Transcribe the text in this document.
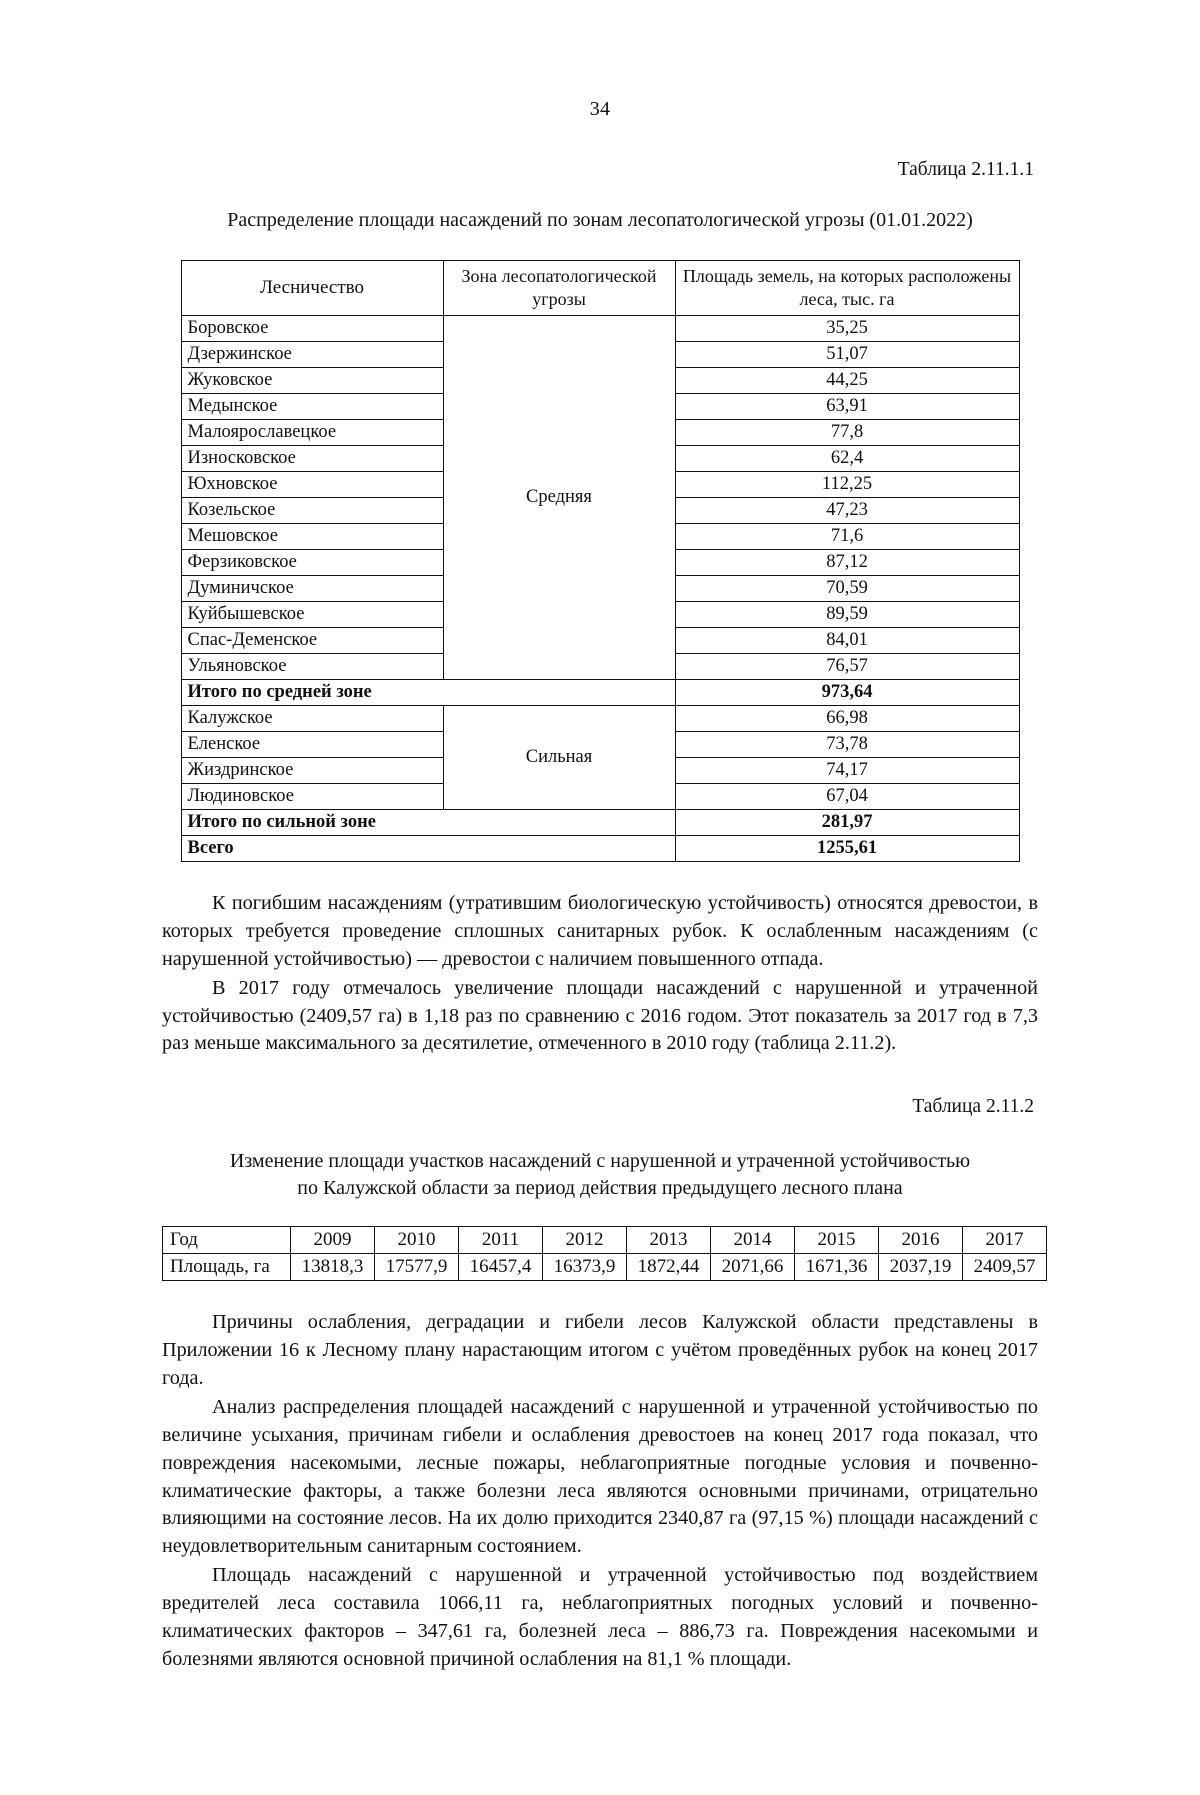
34
Таблица 2.11.1.1
Распределение площади насаждений по зонам лесопатологической угрозы (01.01.2022)
Лесничество	Зона лесопатологической угрозы	Площадь земель, на которых расположены леса, тыс. га
Боровское	Средняя	35,25
Дзержинское		51,07
Жуковское		44,25
Медынское		63,91
Малоярославецкое		77,8
Износковское		62,4
Юхновское		112,25
Козельское		47,23
Мешовское		71,6
Ферзиковское		87,12
Думиничское		70,59
Куйбышевское		89,59
Спас-Деменское		84,01
Ульяновское		76,57
Итого по средней зоне		973,64
Калужское	Сильная	66,98
Еленское		73,78
Жиздринское		74,17
Людиновское		67,04
Итого по сильной зоне		281,97
Всего		1255,61

К погибшим насаждениям (утратившим биологическую устойчивость) относятся древостои, в которых требуется проведение сплошных санитарных рубок. К ослабленным насаждениям (с нарушенной устойчивостью) — древостои с наличием повышенного отпада.

В 2017 году отмечалось увеличение площади насаждений с нарушенной и утраченной устойчивостью (2409,57 га) в 1,18 раз по сравнению с 2016 годом. Этот показатель за 2017 год в 7,3 раз меньше максимального за десятилетие, отмеченного в 2010 году (таблица 2.11.2).

Таблица 2.11.2
Изменение площади участков насаждений с нарушенной и утраченной устойчивостью
по Калужской области за период действия предыдущего лесного плана
Год	2009	2010	2011	2012	2013	2014	2015	2016	2017
Площадь, га	13818,3	17577,9	16457,4	16373,9	1872,44	2071,66	1671,36	2037,19	2409,57

Причины ослабления, деградации и гибели лесов Калужской области представлены в Приложении 16 к Лесному плану нарастающим итогом с учётом проведённых рубок на конец 2017 года.

Анализ распределения площадей насаждений с нарушенной и утраченной устойчивостью по величине усыхания, причинам гибели и ослабления древостоев на конец 2017 года показал, что повреждения насекомыми, лесные пожары, неблагоприятные погодные условия и почвенно-климатические факторы, а также болезни леса являются основными причинами, отрицательно влияющими на состояние лесов. На их долю приходится 2340,87 га (97,15 %) площади насаждений с неудовлетворительным санитарным состоянием.

Площадь насаждений с нарушенной и утраченной устойчивостью под воздействием вредителей леса составила 1066,11 га, неблагоприятных погодных условий и почвенно-климатических факторов – 347,61 га, болезней леса – 886,73 га. Повреждения насекомыми и болезнями являются основной причиной ослабления на 81,1 % площади.
